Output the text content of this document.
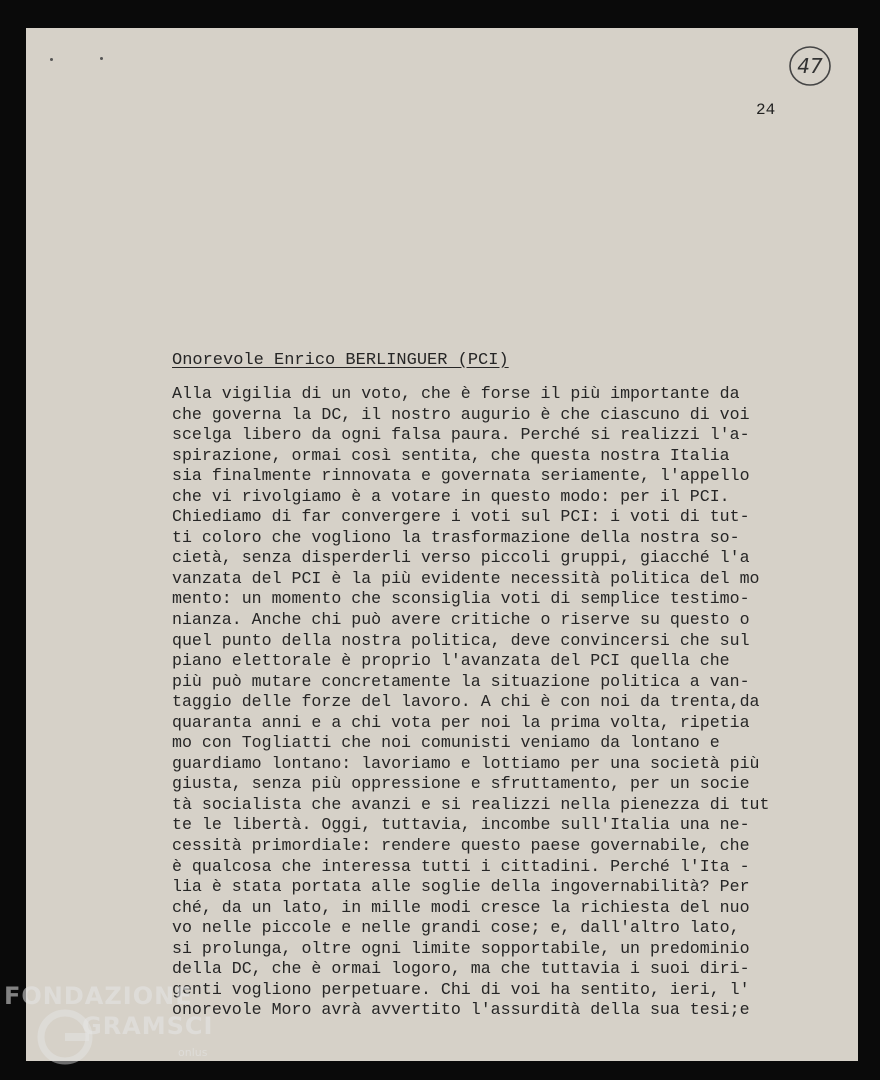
47
24
Onorevole Enrico BERLINGUER (PCI)
Alla vigilia di un voto, che è forse il più importante da
che governa la DC, il nostro augurio è che ciascuno di voi
scelga libero da ogni falsa paura. Perché si realizzi l'a-
spirazione, ormai così sentita, che questa nostra Italia
sia finalmente rinnovata e governata seriamente, l'appello
che vi rivolgiamo è a votare in questo modo: per il PCI.
Chiediamo di far convergere i voti sul PCI: i voti di tut-
ti coloro che vogliono la trasformazione della nostra so-
cietà, senza disperderli verso piccoli gruppi, giacché l'a
vanzata del PCI è la più evidente necessità politica del mo
mento: un momento che sconsiglia voti di semplice testimo-
nianza. Anche chi può avere critiche o riserve su questo o
quel punto della nostra politica, deve convincersi che sul
piano elettorale è proprio l'avanzata del PCI quella che
più può mutare concretamente la situazione politica a van-
taggio delle forze del lavoro. A chi è con noi da trenta,da
quaranta anni e a chi vota per noi la prima volta, ripetia
mo con Togliatti che noi comunisti veniamo da lontano e
guardiamo lontano: lavoriamo e lottiamo per una società più
giusta, senza più oppressione e sfruttamento, per un socie
tà socialista che avanzi e si realizzi nella pienezza di tut
te le libertà. Oggi, tuttavia, incombe sull'Italia una ne-
cessità primordiale: rendere questo paese governabile, che
è qualcosa che interessa tutti i cittadini. Perché l'Ita -
lia è stata portata alle soglie della ingovernabilità? Per
ché, da un lato, in mille modi cresce la richiesta del nuo
vo nelle piccole e nelle grandi cose; e, dall'altro lato,
si prolunga, oltre ogni limite sopportabile, un predominio
della DC, che è ormai logoro, ma che tuttavia i suoi diri-
genti vogliono perpetuare. Chi di voi ha sentito, ieri, l'
onorevole Moro avrà avvertito l'assurdità della sua tesi;e
FONDAZIONE
GRAMSCI
onlus
